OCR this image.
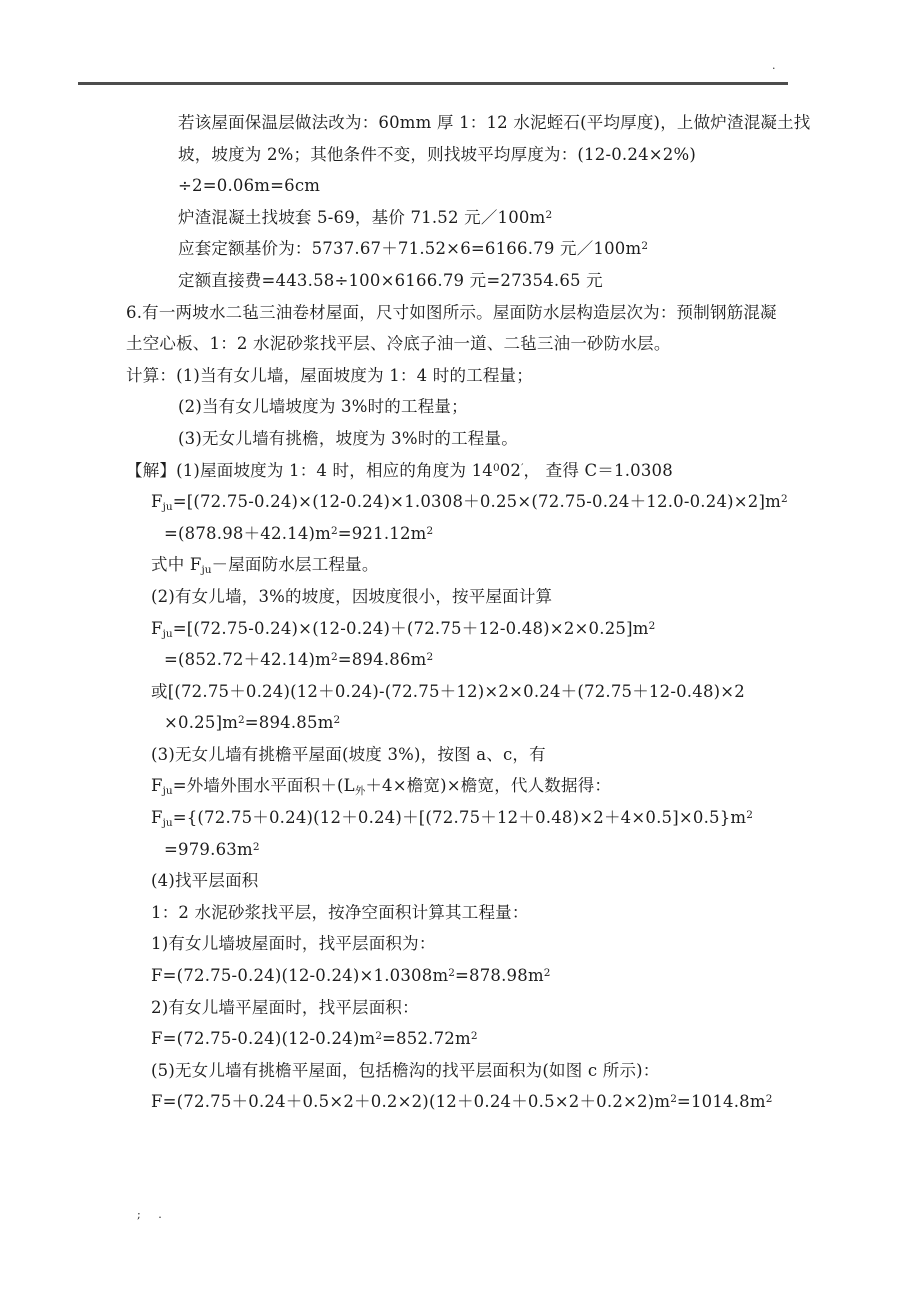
.
若该屋面保温层做法改为：60mm 厚 1：12 水泥蛭石(平均厚度)，上做炉渣混凝土找
坡，坡度为 2%；其他条件不变，则找坡平均厚度为：(12-0.24×2%)
÷2=0.06m=6cm
炉渣混凝土找坡套 5-69，基价 71.52 元$/100m^2$
应套定额基价为：5737.67＋71.52×6=6166.79 元$/100m^2$
定额直接费=443.58÷100×6166.79 元=27354.65 元
6.有一两坡水二毡三油卷材屋面，尺寸如图所示。屋面防水层构造层次为：预制钢筋混凝
土空心板、1：2 水泥砂浆找平层、冷底子油一道、二毡三油一砂防水层。
计算：(1)当有女儿墙，屋面坡度为 1：4 时的工程量；
(2)当有女儿墙坡度为 3%时的工程量；
(3)无女儿墙有挑檐，坡度为 3%时的工程量。
【解】(1)屋面坡度为 1：4 时，相应的角度为 $14^002'$， 查得 C＝1.0308
$F_{ju}=[(72.75-0.24)\times(12-0.24)\times 1.0308+0.25\times(72.75-0.24+12.0-0.24)\times 2]m^2$
$=(878.98+42.14)m^2=921.12m^2$
式中 $F_{ju}-$屋面防水层工程量。
(2)有女儿墙，3%的坡度，因坡度很小，按平屋面计算
$F_{ju}=[(72.75-0.24)\times(12-0.24)+(72.75+12-0.48)\times 2\times 0.25]m^2$
$=(852.72+42.14)m^2=894.86m^2$
或[(72.75＋0.24)(12＋0.24)-(72.75＋12)×2×0.24＋(72.75＋12-0.48)×2
$\times 0.25]m^2=894.85m^2$
(3)无女儿墙有挑檐平屋面(坡度 3%)，按图 a、c，有
$F_{ju}=$外墙外围水平面积$+(L_外+4\times$檐宽)×檐宽，代人数据得：
$F_{ju}=\{(72.75+0.24)(12+0.24)+[(72.75+12+0.48)\times 2+4\times 0.5]\times 0.5\}m^2$
$=979.63m^2$
(4)找平层面积
1：2 水泥砂浆找平层，按净空面积计算其工程量：
1)有女儿墙坡屋面时，找平层面积为：
$F=(72.75-0.24)(12-0.24)\times 1.0308m^2=878.98m^2$
2)有女儿墙平屋面时，找平层面积：
$F=(72.75-0.24)(12-0.24)m^2=852.72m^2$
(5)无女儿墙有挑檐平屋面，包括檐沟的找平层面积为(如图 c 所示)：
$F=(72.75+0.24+0.5\times 2+0.2\times 2)(12+0.24+0.5\times 2+0.2\times 2)m^2=1014.8m^2$
; .
